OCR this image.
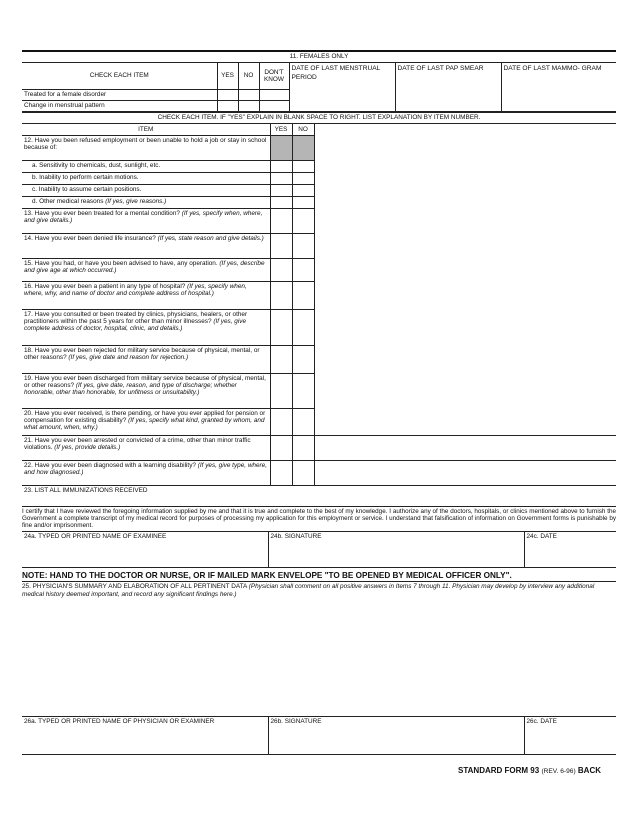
11. FEMALES ONLY						
CHECK EACH ITEM	YES	NO	DON'T KNOW	DATE OF LAST MENSTRUAL PERIOD	DATE OF LAST PAP SMEAR	DATE OF LAST MAMMO- GRAM
Treated for a female disorder						
Change in menstrual pattern						
CHECK EACH ITEM. IF "YES" EXPLAIN IN BLANK SPACE TO RIGHT. LIST EXPLANATION BY ITEM NUMBER.			
ITEM	YES	NO	
12. Have you been refused employment or been unable to hold a job or stay in school because of:			
a. Sensitivity to chemicals, dust, sunlight, etc.			
b. Inability to perform certain motions.			
c. Inability to assume certain positions.			
d. Other medical reasons (If yes, give reasons.)			
13. Have you ever been treated for a mental condition? (If yes, specify when, where, and give details.)			
14. Have you ever been denied life insurance? (If yes, state reason and give details.)			
15. Have you had, or have you been advised to have, any operation. (If yes, describe and give age at which occurred.)			
16. Have you ever been a patient in any type of hospital? (If yes, specify when, where, why, and name of doctor and complete address of hospital.)			
17. Have you consulted or been treated by clinics, physicians, healers, or other practitioners within the past 5 years for other than minor illnesses? (If yes, give complete address of doctor, hospital, clinic, and details.)			
18. Have you ever been rejected for military service because of physical, mental, or other reasons? (If yes, give date and reason for rejection.)			
19. Have you ever been discharged from military service because of physical, mental, or other reasons? (If yes, give date, reason, and type of discharge; whether honorable, other than honorable, for unfitness or unsuitability.)			
20. Have you ever received, is there pending, or have you ever applied for pension or compensation for existing disability? (If yes, specify what kind, granted by whom, and what amount, when, why.)			
21. Have you ever been arrested or convicted of a crime, other than minor traffic violations. (If yes, provide details.)			
22. Have you ever been diagnosed with a learning disability? (If yes, give type, where, and how diagnosed.)			
23. LIST ALL IMMUNIZATIONS RECEIVED			
I certify that I have reviewed the foregoing information supplied by me and that it is true and complete to the best of my knowledge. I authorize any of the doctors, hospitals, or clinics mentioned above to furnish the Government a complete transcript of my medical record for purposes of processing my application for this employment or service. I understand that falsification of information on Government forms is punishable by fine and/or imprisonment.
24a. TYPED OR PRINTED NAME OF EXAMINEE	24b. SIGNATURE	24c. DATE
NOTE: HAND TO THE DOCTOR OR NURSE, OR IF MAILED MARK ENVELOPE "TO BE OPENED BY MEDICAL OFFICER ONLY".
25. PHYSICIAN'S SUMMARY AND ELABORATION OF ALL PERTINENT DATA (Physician shall comment on all positive answers in Items 7 through 11. Physician may develop by interview any additional medical history deemed important, and record any significant findings here.)
26a. TYPED OR PRINTED NAME OF PHYSICIAN OR EXAMINER	26b. SIGNATURE	26c. DATE
STANDARD FORM 93 (REV. 6-96) BACK
